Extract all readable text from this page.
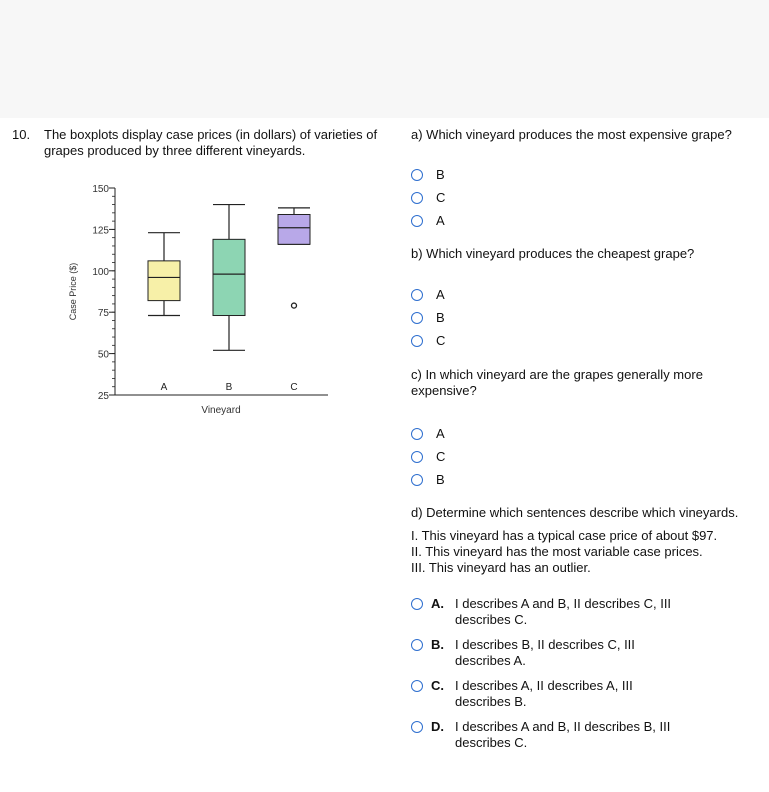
10. The boxplots display case prices (in dollars) of varieties of grapes produced by three different vineyards.
25
50
75
100
125
150
Case Price ($)
Vineyard
A	B	C
a) Which vineyard produces the most expensive grape?
B
C
A
b) Which vineyard produces the cheapest grape?
A
B
C
c) In which vineyard are the grapes generally more expensive?
A
C
B
d) Determine which sentences describe which vineyards.
I. This vineyard has a typical case price of about $97.
II. This vineyard has the most variable case prices.
III. This vineyard has an outlier.
A. I describes A and B, II describes C, III describes C.
B. I describes B, II describes C, III describes A.
C. I describes A, II describes A, III describes B.
D. I describes A and B, II describes B, III describes C.
